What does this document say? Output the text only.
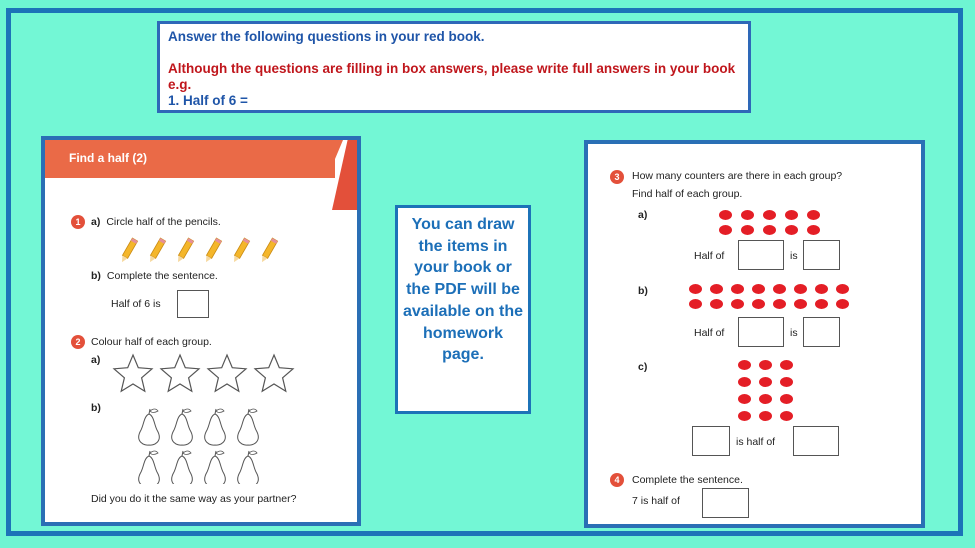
Answer the following questions in your red book.
Although the questions are filling in box answers, please write full answers in your book e.g.
1. Half of 6 =
Find a half (2)
1	a) Circle half of the pencils.
b) Complete the sentence.
Half of 6 is
2	Colour half of each group.
a)
b)
Did you do it the same way as your partner?
You can draw the items in your book or the PDF will be available on the homework page.
3	How many counters are there in each group?
Find half of each group.
a)
Half of	is
b)
Half of	is
c)
is half of
4	Complete the sentence.
7 is half of
